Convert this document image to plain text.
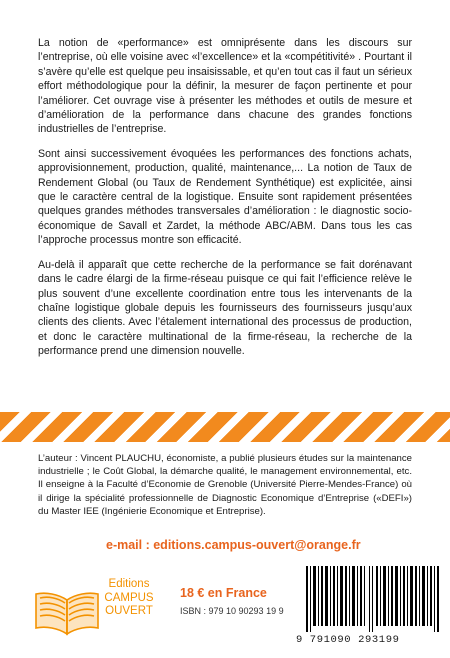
La notion de «performance» est omniprésente dans les discours sur l’entreprise, où elle voisine avec «l’excellence» et la «compétitivité» . Pourtant il s’avère qu’elle est quelque peu insaisissable, et qu’en tout cas il faut un sérieux effort méthodologique pour la définir, la mesurer de façon pertinente et pour l’améliorer. Cet ouvrage vise à présenter les méthodes et outils de mesure et d’amélioration de la performance dans chacune des grandes fonctions industrielles de l’entreprise.

Sont ainsi successivement évoquées les performances des fonctions achats, approvisionnement, production, qualité, maintenance,... La notion de Taux de Rendement Global (ou Taux de Rendement Synthétique) est explicitée, ainsi que le caractère central de la logistique. Ensuite sont rapidement présentées quelques grandes méthodes transversales d’amélioration : le diagnostic socio-économique de Savall et Zardet, la méthode ABC/ABM. Dans tous les cas l’approche processus montre son efficacité.

Au-delà il apparaît que cette recherche de la performance se fait dorénavant dans le cadre élargi de la firme-réseau puisque ce qui fait l’efficience relève le plus souvent d’une excellente coordination entre tous les intervenants de la chaîne logistique globale depuis les fournisseurs des fournisseurs jusqu’aux clients des clients. Avec l’étalement international des processus de production, et donc le caractère multinational de la firme-réseau, la recherche de la performance prend une dimension nouvelle.

L’auteur : Vincent PLAUCHU, économiste, a publié plusieurs études sur la maintenance industrielle ; le Coût Global, la démarche qualité, le management environnemental, etc. Il enseigne à la Faculté d’Economie de Grenoble (Université Pierre-Mendes-France) où il dirige la spécialité professionnelle de Diagnostic Economique d’Entreprise («DEFI») du Master IEE (Ingénierie Economique et Entreprise).
e-mail : editions.campus-ouvert@orange.fr
Editions
CAMPUS
OUVERT
18 € en France
ISBN : 979 10 90293 19 9
9 791090 293199
